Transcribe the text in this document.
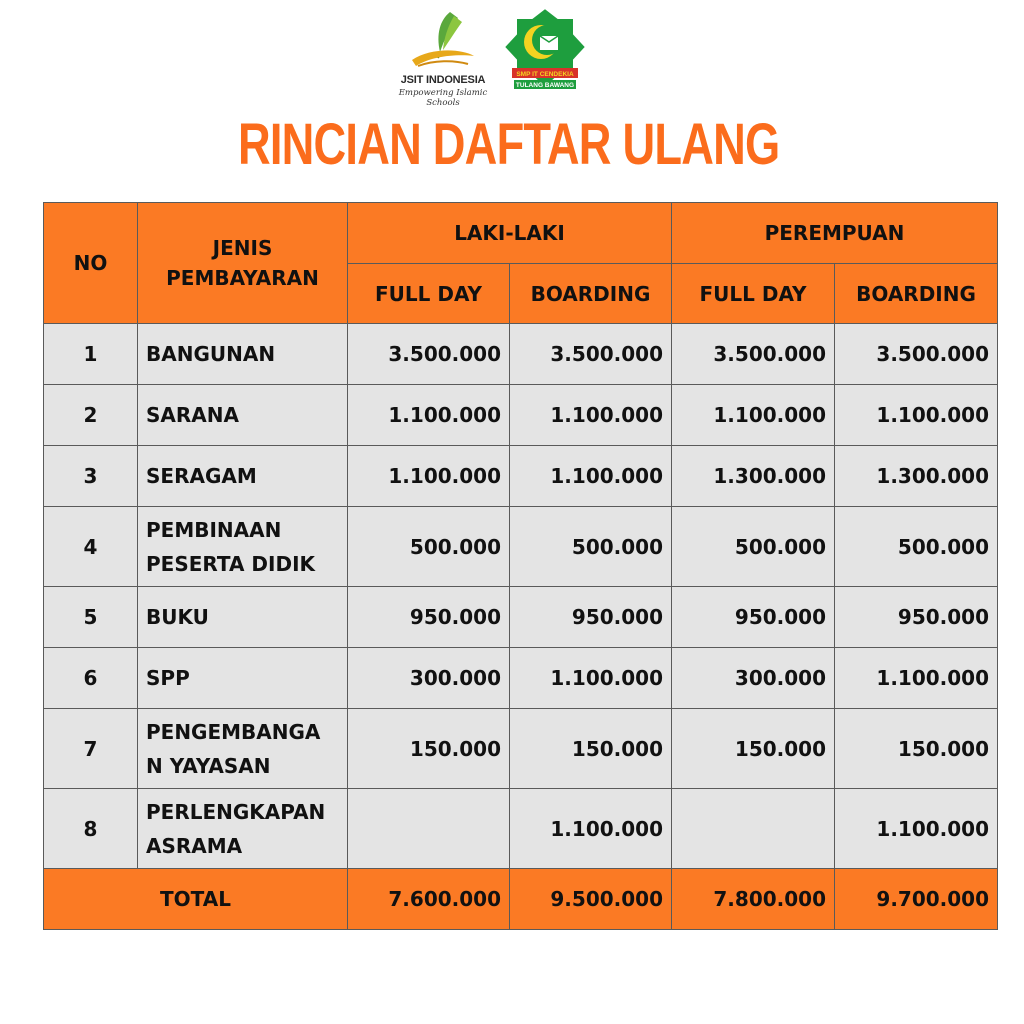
JSIT INDONESIA
Empowering Islamic Schools
SMP IT CENDEKIA
TULANG BAWANG
RINCIAN DAFTAR ULANG
NO	JENIS PEMBAYARAN	LAKI-LAKI		PEREMPUAN	
		FULL DAY	BOARDING	FULL DAY	BOARDING
1	BANGUNAN	3.500.000	3.500.000	3.500.000	3.500.000
2	SARANA	1.100.000	1.100.000	1.100.000	1.100.000
3	SERAGAM	1.100.000	1.100.000	1.300.000	1.300.000
4	PEMBINAAN PESERTA DIDIK	500.000	500.000	500.000	500.000
5	BUKU	950.000	950.000	950.000	950.000
6	SPP	300.000	1.100.000	300.000	1.100.000
7	PENGEMBANGA N YAYASAN	150.000	150.000	150.000	150.000
8	PERLENGKAPAN ASRAMA		1.100.000		1.100.000
TOTAL		7.600.000	9.500.000	7.800.000	9.700.000
